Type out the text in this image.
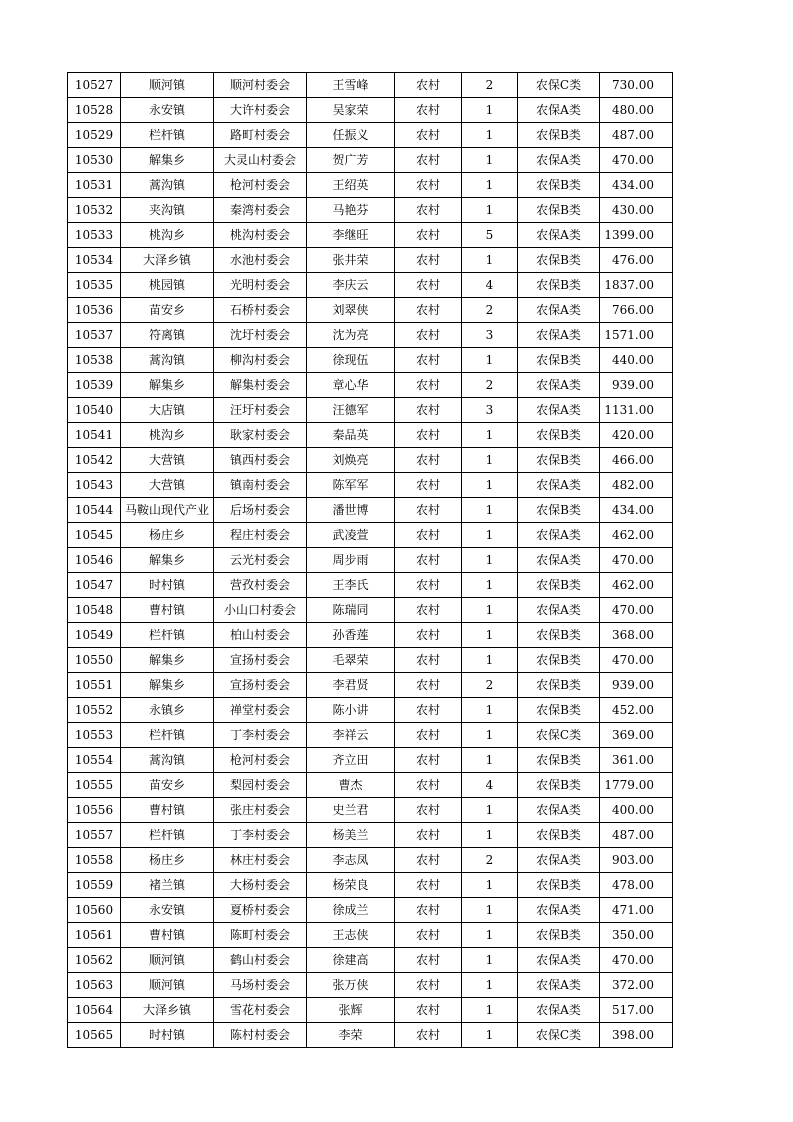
10527	顺河镇	顺河村委会	王雪峰	农村	2	农保C类	730.00
10528	永安镇	大许村委会	吴家荣	农村	1	农保A类	480.00
10529	栏杆镇	路町村委会	任振义	农村	1	农保B类	487.00
10530	解集乡	大灵山村委会	贺广芳	农村	1	农保A类	470.00
10531	蒿沟镇	枪河村委会	王绍英	农村	1	农保B类	434.00
10532	夹沟镇	秦湾村委会	马艳芬	农村	1	农保B类	430.00
10533	桃沟乡	桃沟村委会	李继旺	农村	5	农保A类	1399.00
10534	大泽乡镇	水池村委会	张井荣	农村	1	农保B类	476.00
10535	桃园镇	光明村委会	李庆云	农村	4	农保B类	1837.00
10536	苗安乡	石桥村委会	刘翠侠	农村	2	农保A类	766.00
10537	符离镇	沈圩村委会	沈为亮	农村	3	农保A类	1571.00
10538	蒿沟镇	柳沟村委会	徐现伍	农村	1	农保B类	440.00
10539	解集乡	解集村委会	章心华	农村	2	农保A类	939.00
10540	大店镇	汪圩村委会	汪德军	农村	3	农保A类	1131.00
10541	桃沟乡	耿家村委会	秦品英	农村	1	农保B类	420.00
10542	大营镇	镇西村委会	刘焕亮	农村	1	农保B类	466.00
10543	大营镇	镇南村委会	陈军军	农村	1	农保A类	482.00
10544	马鞍山现代产业	后场村委会	潘世博	农村	1	农保B类	434.00
10545	杨庄乡	程庄村委会	武凌萱	农村	1	农保A类	462.00
10546	解集乡	云光村委会	周步雨	农村	1	农保A类	470.00
10547	时村镇	营孜村委会	王李氏	农村	1	农保B类	462.00
10548	曹村镇	小山口村委会	陈瑞同	农村	1	农保A类	470.00
10549	栏杆镇	柏山村委会	孙香莲	农村	1	农保B类	368.00
10550	解集乡	宣扬村委会	毛翠荣	农村	1	农保B类	470.00
10551	解集乡	宣扬村委会	李君贤	农村	2	农保B类	939.00
10552	永镇乡	禅堂村委会	陈小讲	农村	1	农保B类	452.00
10553	栏杆镇	丁李村委会	李祥云	农村	1	农保C类	369.00
10554	蒿沟镇	枪河村委会	齐立田	农村	1	农保B类	361.00
10555	苗安乡	梨园村委会	曹杰	农村	4	农保B类	1779.00
10556	曹村镇	张庄村委会	史兰君	农村	1	农保A类	400.00
10557	栏杆镇	丁李村委会	杨美兰	农村	1	农保B类	487.00
10558	杨庄乡	林庄村委会	李志凤	农村	2	农保A类	903.00
10559	褚兰镇	大杨村委会	杨荣良	农村	1	农保B类	478.00
10560	永安镇	夏桥村委会	徐成兰	农村	1	农保A类	471.00
10561	曹村镇	陈町村委会	王志侠	农村	1	农保B类	350.00
10562	顺河镇	鹤山村委会	徐建高	农村	1	农保A类	470.00
10563	顺河镇	马场村委会	张万侠	农村	1	农保A类	372.00
10564	大泽乡镇	雪花村委会	张辉	农村	1	农保A类	517.00
10565	时村镇	陈村村委会	李荣	农村	1	农保C类	398.00
